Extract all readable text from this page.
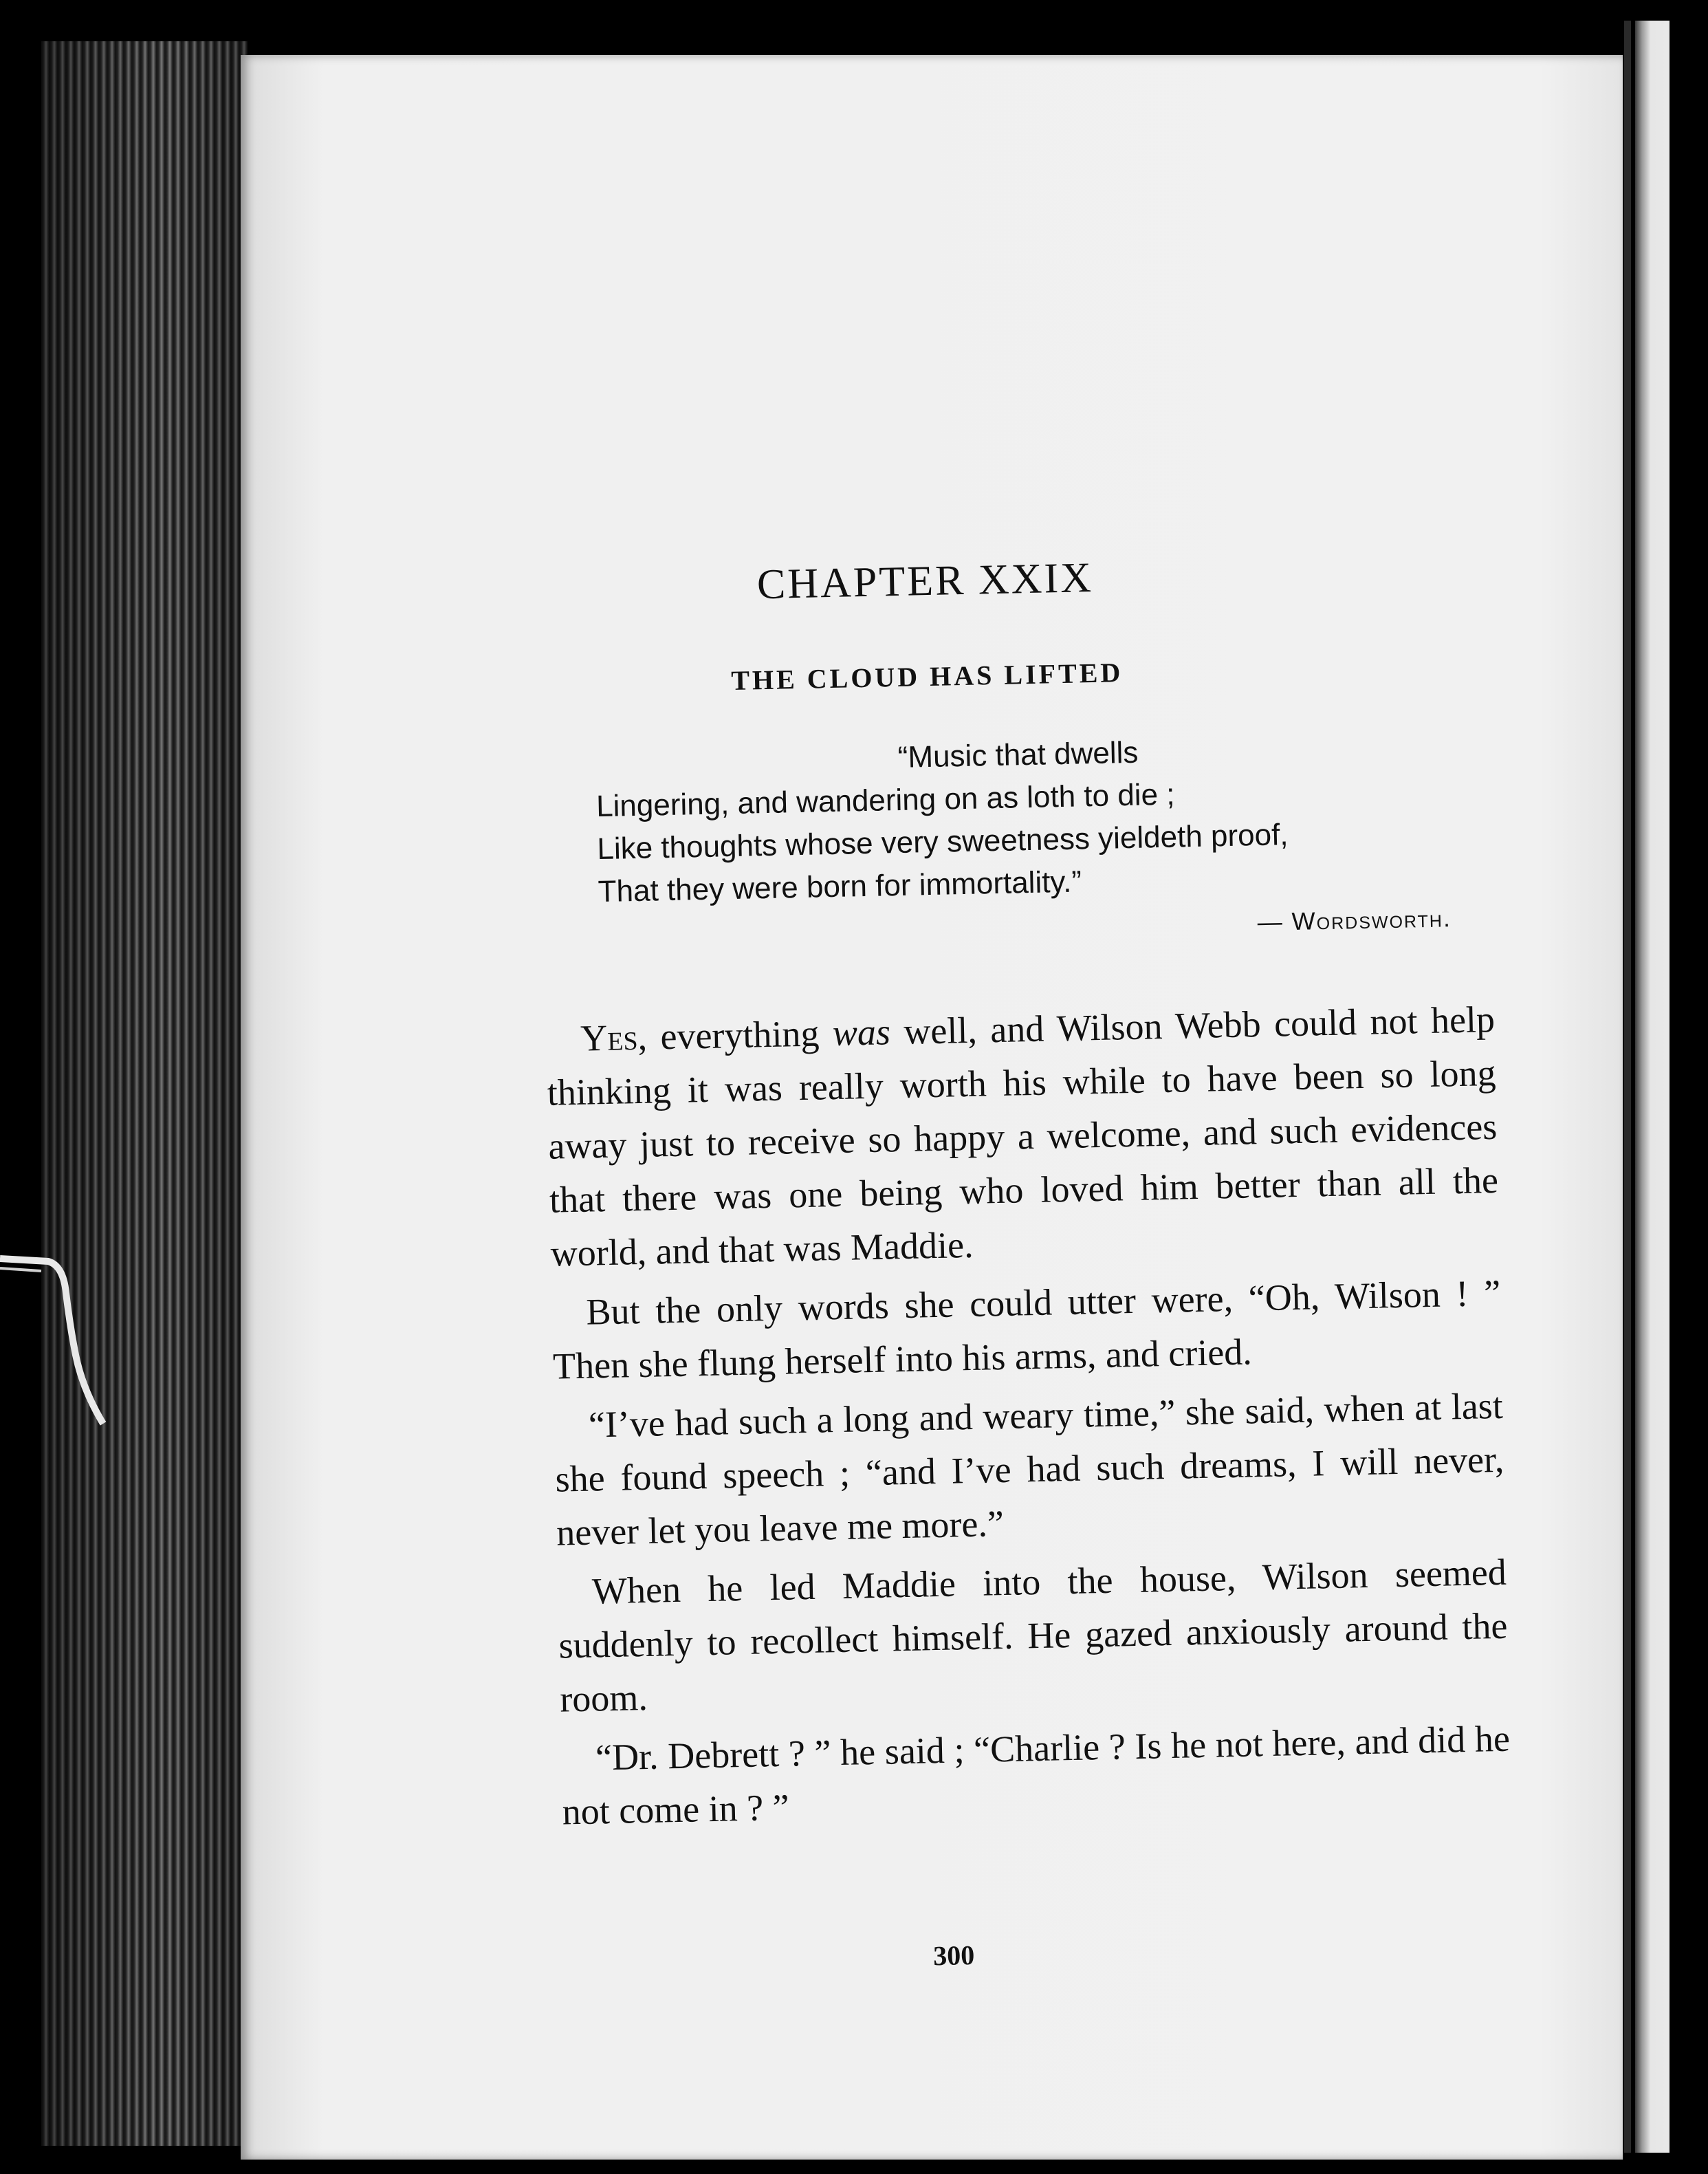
CHAPTER XXIX
THE CLOUD HAS LIFTED
“Music that dwells
Lingering, and wandering on as loth to die ;
Like thoughts whose very sweetness yieldeth proof,
That they were born for immortality.”
— Wordsworth.

Yes, everything was well, and Wilson Webb could not help thinking it was really worth his while to have been so long away just to receive so happy a welcome, and such evidences that there was one being who loved him better than all the world, and that was Maddie.

But the only words she could utter were, “Oh, Wilson ! ” Then she flung herself into his arms, and cried.

“I’ve had such a long and weary time,” she said, when at last she found speech ; “and I’ve had such dreams, I will never, never let you leave me more.”

When he led Maddie into the house, Wilson seemed suddenly to recollect himself. He gazed anxiously around the room.

“Dr. Debrett ? ” he said ; “Charlie ? Is he not here, and did he not come in ? ”

300
